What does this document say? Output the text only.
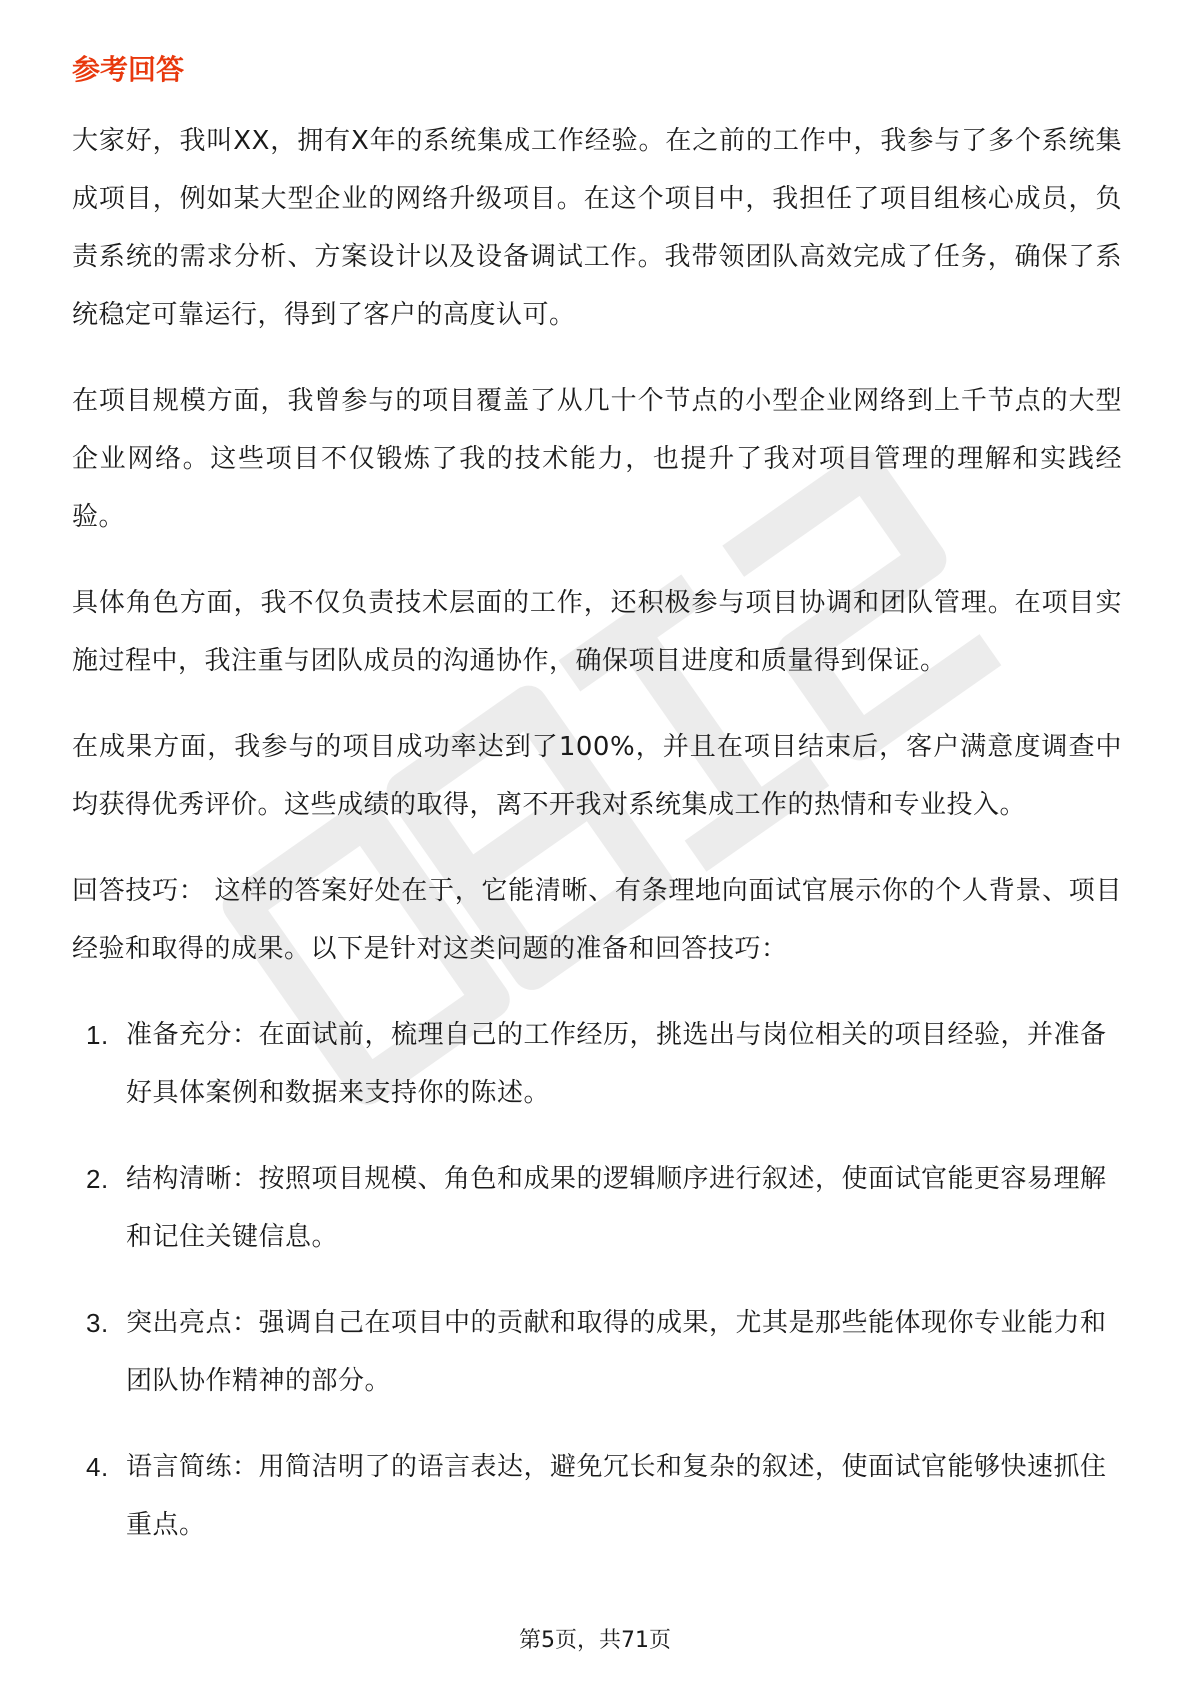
参考回答

大家好，我叫XX，拥有X年的系统集成工作经验。在之前的工作中，我参与了多个系统集成项目，例如某大型企业的网络升级项目。在这个项目中，我担任了项目组核心成员，负责系统的需求分析、方案设计以及设备调试工作。我带领团队高效完成了任务，确保了系统稳定可靠运行，得到了客户的高度认可。

在项目规模方面，我曾参与的项目覆盖了从几十个节点的小型企业网络到上千节点的大型企业网络。这些项目不仅锻炼了我的技术能力，也提升了我对项目管理的理解和实践经验。

具体角色方面，我不仅负责技术层面的工作，还积极参与项目协调和团队管理。在项目实施过程中，我注重与团队成员的沟通协作，确保项目进度和质量得到保证。

在成果方面，我参与的项目成功率达到了100%，并且在项目结束后，客户满意度调查中均获得优秀评价。这些成绩的取得，离不开我对系统集成工作的热情和专业投入。

回答技巧： 这样的答案好处在于，它能清晰、有条理地向面试官展示你的个人背景、项目经验和取得的成果。以下是针对这类问题的准备和回答技巧：

1. 准备充分：在面试前，梳理自己的工作经历，挑选出与岗位相关的项目经验，并准备好具体案例和数据来支持你的陈述。
2. 结构清晰：按照项目规模、角色和成果的逻辑顺序进行叙述，使面试官能更容易理解和记住关键信息。
3. 突出亮点：强调自己在项目中的贡献和取得的成果，尤其是那些能体现你专业能力和团队协作精神的部分。
4. 语言简练：用简洁明了的语言表达，避免冗长和复杂的叙述，使面试官能够快速抓住重点。
第5页，共71页
